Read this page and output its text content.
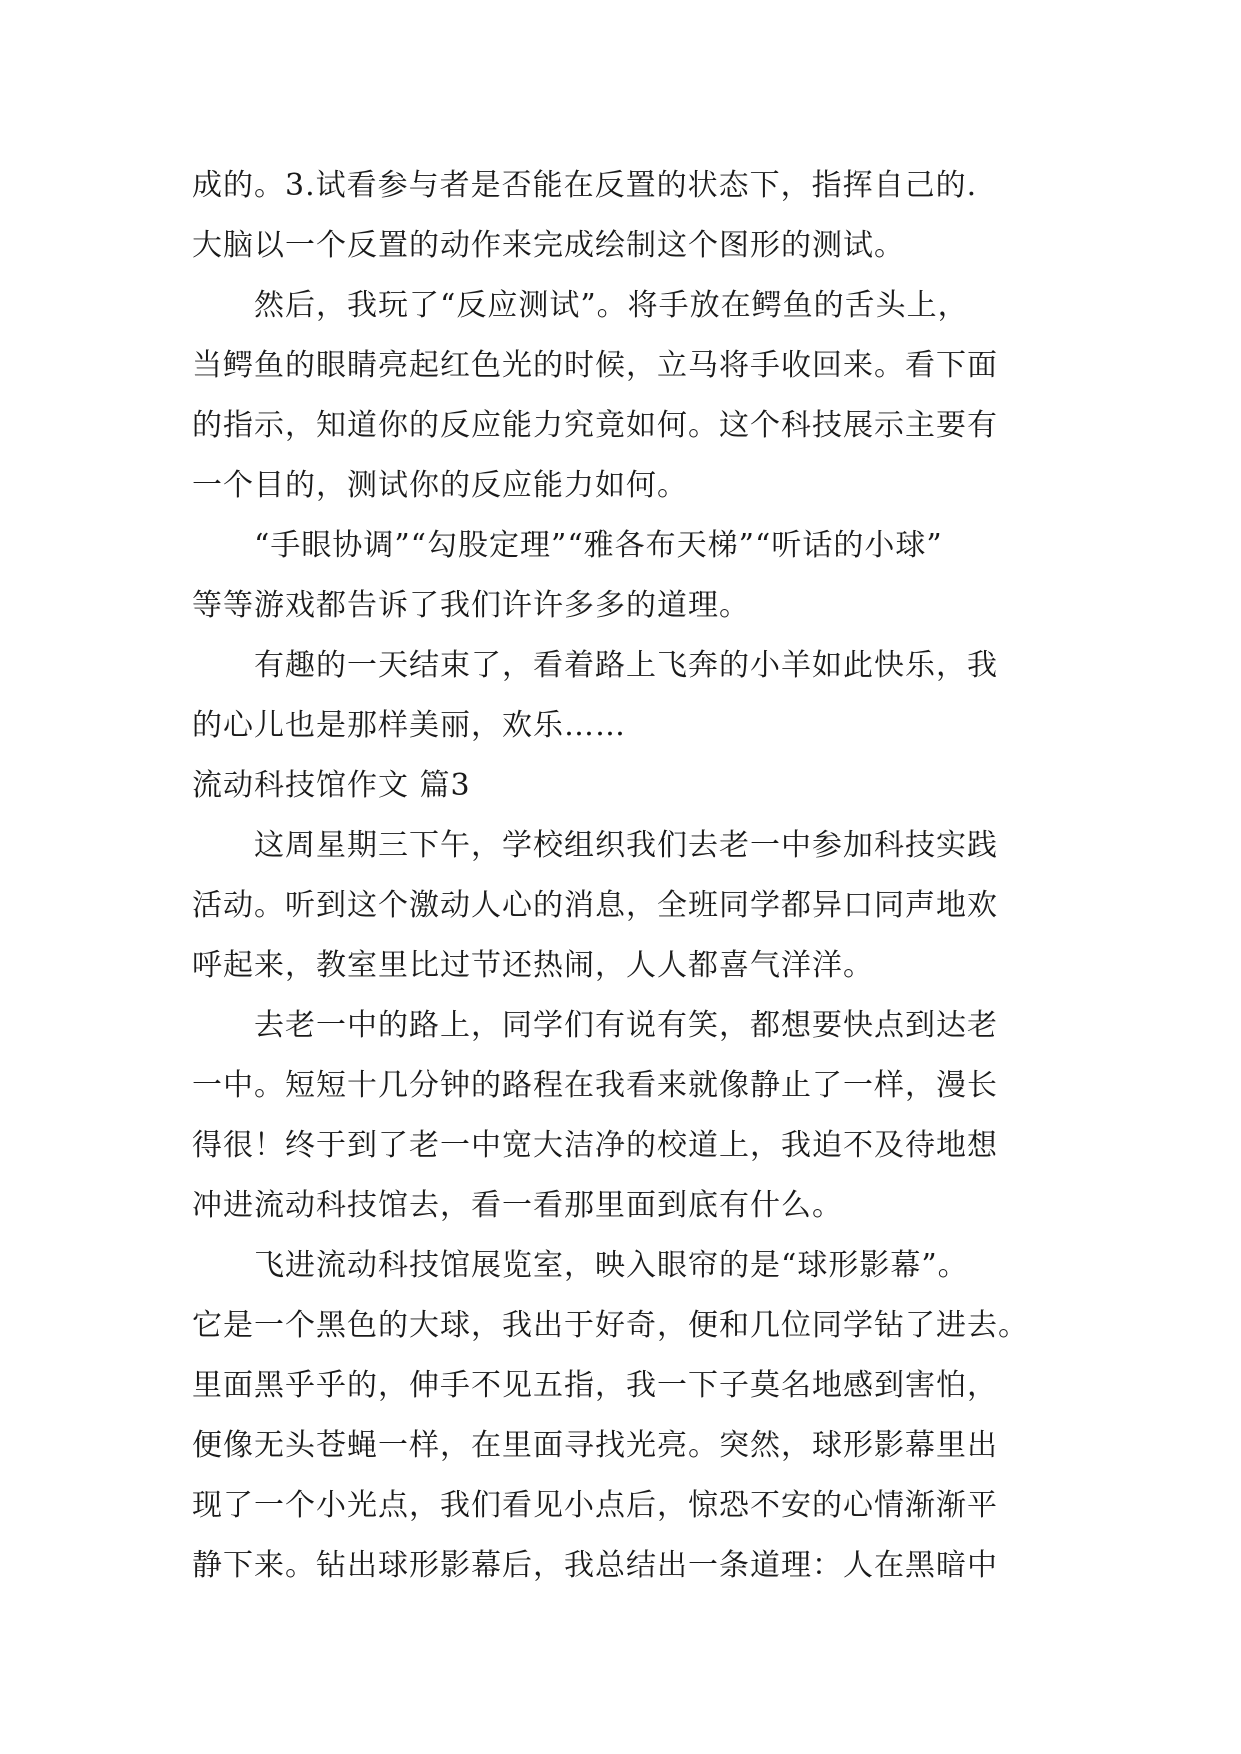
成的。3.试看参与者是否能在反置的状态下，指挥自己的.
大脑以一个反置的动作来完成绘制这个图形的测试。
　　然后，我玩了“反应测试”。将手放在鳄鱼的舌头上，
当鳄鱼的眼睛亮起红色光的时候，立马将手收回来。看下面
的指示，知道你的反应能力究竟如何。这个科技展示主要有
一个目的，测试你的反应能力如何。
　　“手眼协调”“勾股定理”“雅各布天梯”“听话的小球”
等等游戏都告诉了我们许许多多的道理。
　　有趣的一天结束了，看着路上飞奔的小羊如此快乐，我
的心儿也是那样美丽，欢乐……
流动科技馆作文 篇3
　　这周星期三下午，学校组织我们去老一中参加科技实践
活动。听到这个激动人心的消息，全班同学都异口同声地欢
呼起来，教室里比过节还热闹，人人都喜气洋洋。
　　去老一中的路上，同学们有说有笑，都想要快点到达老
一中。短短十几分钟的路程在我看来就像静止了一样，漫长
得很！终于到了老一中宽大洁净的校道上，我迫不及待地想
冲进流动科技馆去，看一看那里面到底有什么。
　　飞进流动科技馆展览室，映入眼帘的是“球形影幕”。
它是一个黑色的大球，我出于好奇，便和几位同学钻了进去。
里面黑乎乎的，伸手不见五指，我一下子莫名地感到害怕，
便像无头苍蝇一样，在里面寻找光亮。突然，球形影幕里出
现了一个小光点，我们看见小点后，惊恐不安的心情渐渐平
静下来。钻出球形影幕后，我总结出一条道理：人在黑暗中
